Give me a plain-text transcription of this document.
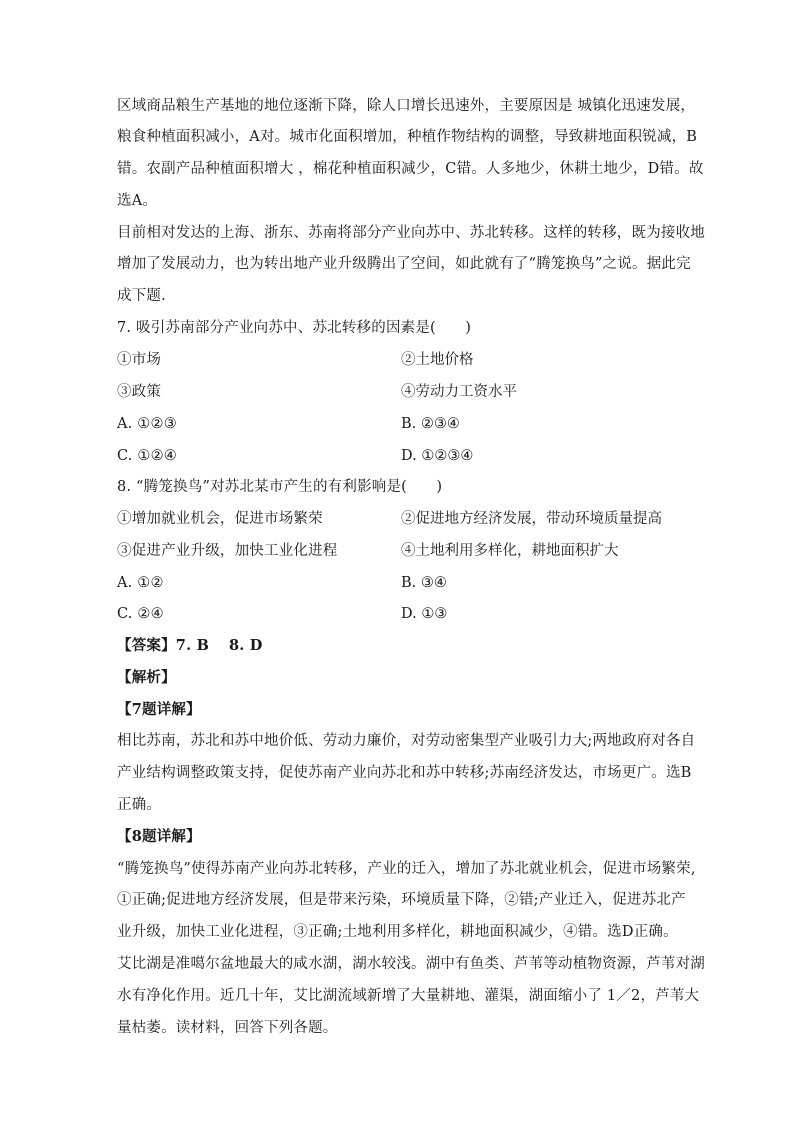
区域商品粮生产基地的地位逐渐下降，除人口增长迅速外，主要原因是 城镇化迅速发展，
粮食种植面积减小，A对。城市化面积增加，种植作物结构的调整，导致耕地面积锐减，B
错。农副产品种植面积增大 ，棉花种植面积减少，C错。人多地少，休耕土地少，D错。故
选A。
目前相对发达的上海、浙东、苏南将部分产业向苏中、苏北转移。这样的转移，既为接收地
增加了发展动力，也为转出地产业升级腾出了空间，如此就有了“腾笼换鸟”之说。据此完
成下题.
7. 吸引苏南部分产业向苏中、苏北转移的因素是(　　)
①市场	②土地价格
③政策	④劳动力工资水平
A. ①②③	B. ②③④
C. ①②④	D. ①②③④
8. “腾笼换鸟”对苏北某市产生的有利影响是(　　)
①增加就业机会，促进市场繁荣	②促进地方经济发展，带动环境质量提高
③促进产业升级，加快工业化进程	④土地利用多样化，耕地面积扩大
A. ①②	B. ③④
C. ②④	D. ①③
【答案】7. B　 8. D
【解析】
【7题详解】
相比苏南，苏北和苏中地价低、劳动力廉价，对劳动密集型产业吸引力大;两地政府对各自
产业结构调整政策支持，促使苏南产业向苏北和苏中转移;苏南经济发达，市场更广。选B
正确。
【8题详解】
“腾笼换鸟”使得苏南产业向苏北转移，产业的迁入，增加了苏北就业机会，促进市场繁荣,
①正确;促进地方经济发展，但是带来污染，环境质量下降，②错;产业迁入，促进苏北产
业升级，加快工业化进程，③正确;土地利用多样化，耕地面积减少，④错。选D正确。
艾比湖是准噶尔盆地最大的咸水湖，湖水较浅。湖中有鱼类、芦苇等动植物资源，芦苇对湖
水有净化作用。近几十年，艾比湖流域新增了大量耕地、灌渠，湖面缩小了 1／2，芦苇大
量枯萎。读材料，回答下列各题。
